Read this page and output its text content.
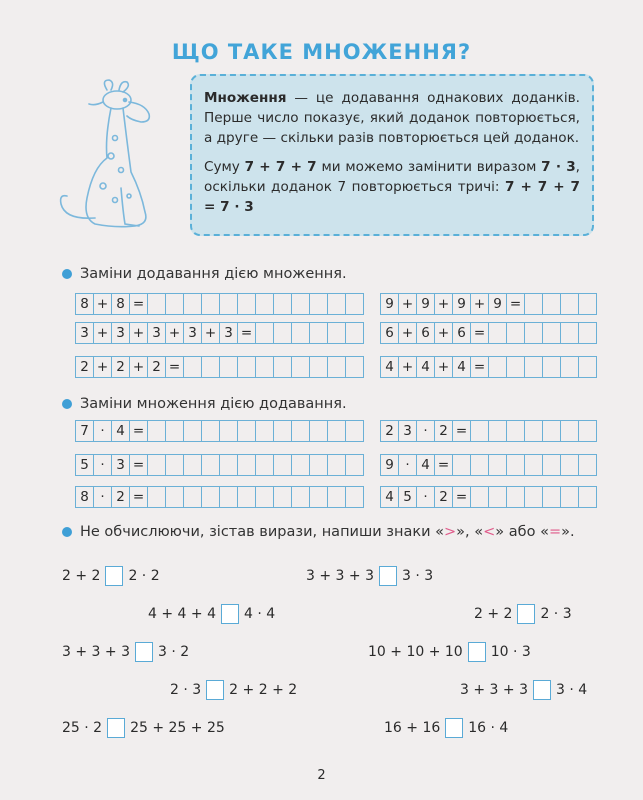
ЩО ТАКЕ МНОЖЕННЯ?

Множення — це додавання однакових доданків. Перше число показує, який доданок повторюється, а друге — скільки разів повторюється цей доданок.

Суму 7 + 7 + 7 ми можемо замінити виразом 7 · 3, оскільки доданок 7 повторюється тричі: 7 + 7 + 7 = 7 · 3

Заміни додавання дією множення.
8 + 8 =	9 + 9 + 9 + 9 =
3 + 3 + 3 + 3 + 3 =	6 + 6 + 6 =
2 + 2 + 2 =	4 + 4 + 4 =
Заміни множення дією додавання.
7 · 4 =	2 3 · 2 =
5 · 3 =	9 · 4 =
8 · 2 =	4 5 · 2 =
Не обчислюючи, зістав вирази, напиши знаки «>», «<» або «=».
2 + 2 2 · 2	3 + 3 + 3 3 · 3
4 + 4 + 4 4 · 4	2 + 2 2 · 3
3 + 3 + 3 3 · 2	10 + 10 + 10 10 · 3
2 · 3 2 + 2 + 2	3 + 3 + 3 3 · 4
25 · 2 25 + 25 + 25	16 + 16 16 · 4
2
